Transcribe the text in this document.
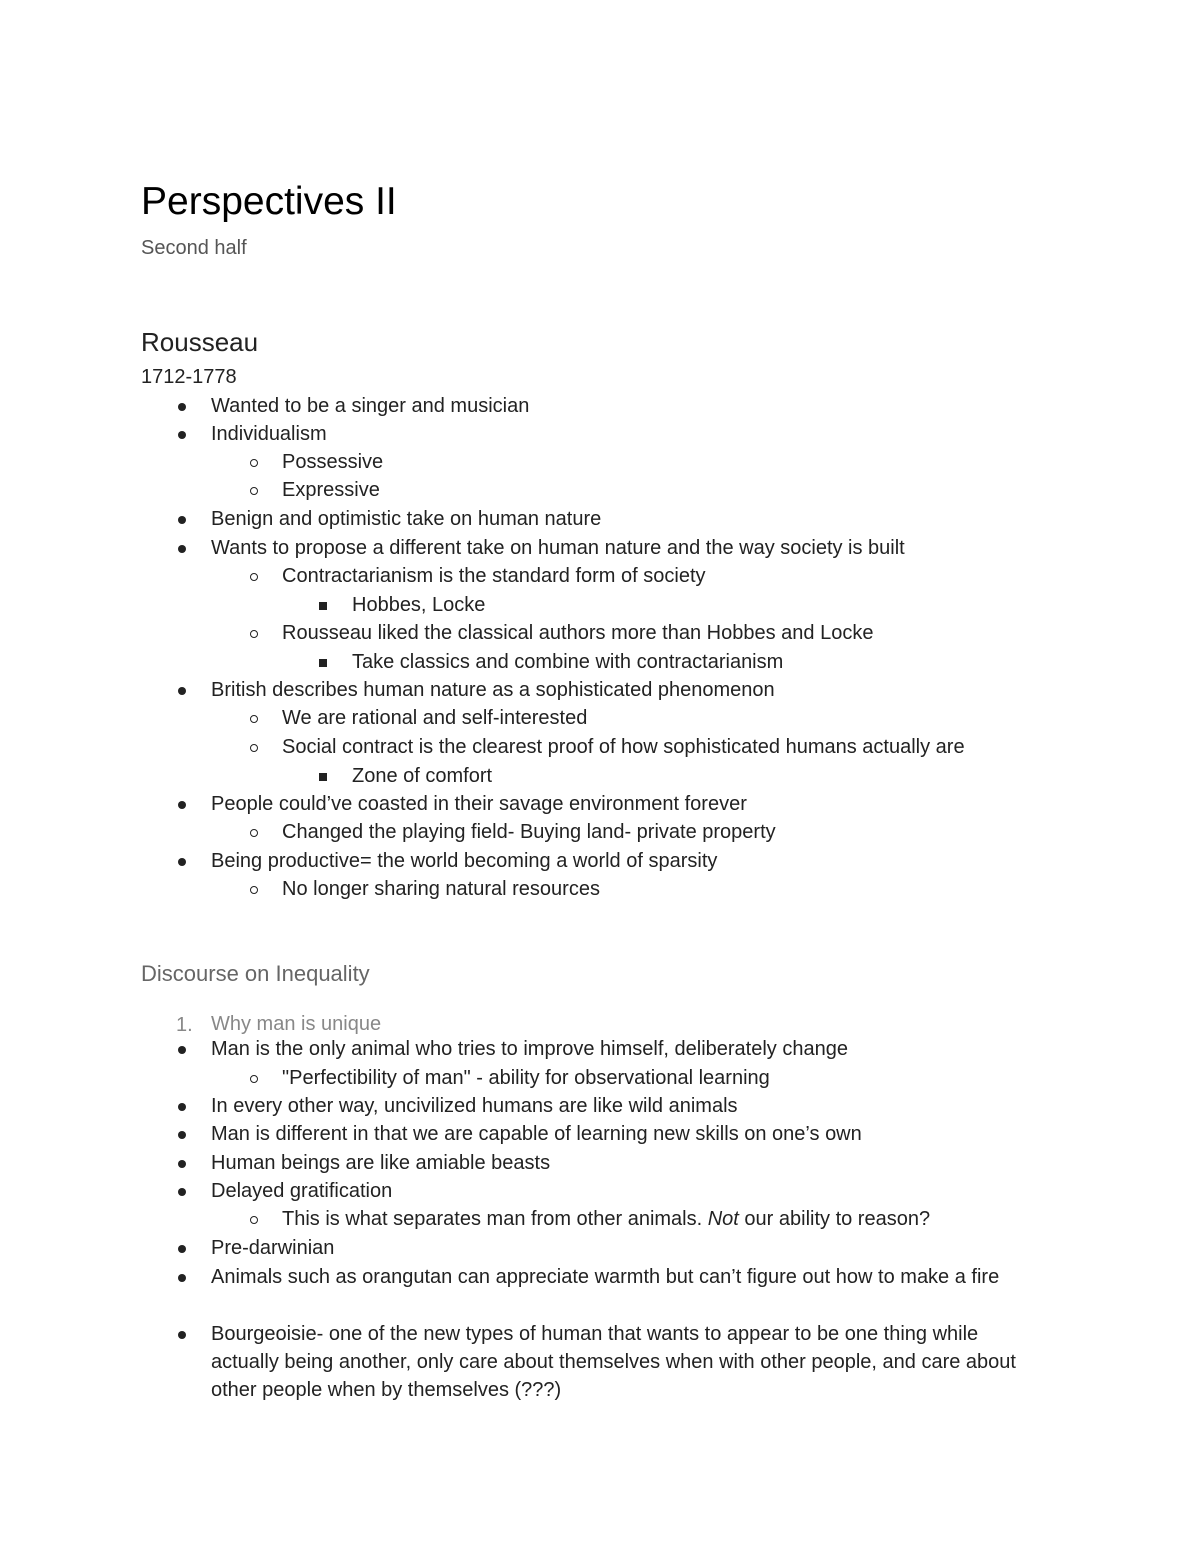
Perspectives II
Second half
Rousseau
1712-1778
Wanted to be a singer and musician
Individualism
Possessive
Expressive
Benign and optimistic take on human nature
Wants to propose a different take on human nature and the way society is built
Contractarianism is the standard form of society
Hobbes, Locke
Rousseau liked the classical authors more than Hobbes and Locke
Take classics and combine with contractarianism
British describes human nature as a sophisticated phenomenon
We are rational and self-interested
Social contract is the clearest proof of how sophisticated humans actually are
Zone of comfort
People could’ve coasted in their savage environment forever
Changed the playing field- Buying land- private property
Being productive= the world becoming a world of sparsity
No longer sharing natural resources
Discourse on Inequality
1. Why man is unique
Man is the only animal who tries to improve himself, deliberately change
"Perfectibility of man" - ability for observational learning
In every other way, uncivilized humans are like wild animals
Man is different in that we are capable of learning new skills on one’s own
Human beings are like amiable beasts
Delayed gratification
This is what separates man from other animals. Not our ability to reason?
Pre-darwinian
Animals such as orangutan can appreciate warmth but can’t figure out how to make a fire
Bourgeoisie- one of the new types of human that wants to appear to be one thing while actually being another, only care about themselves when with other people, and care about other people when by themselves (???)
